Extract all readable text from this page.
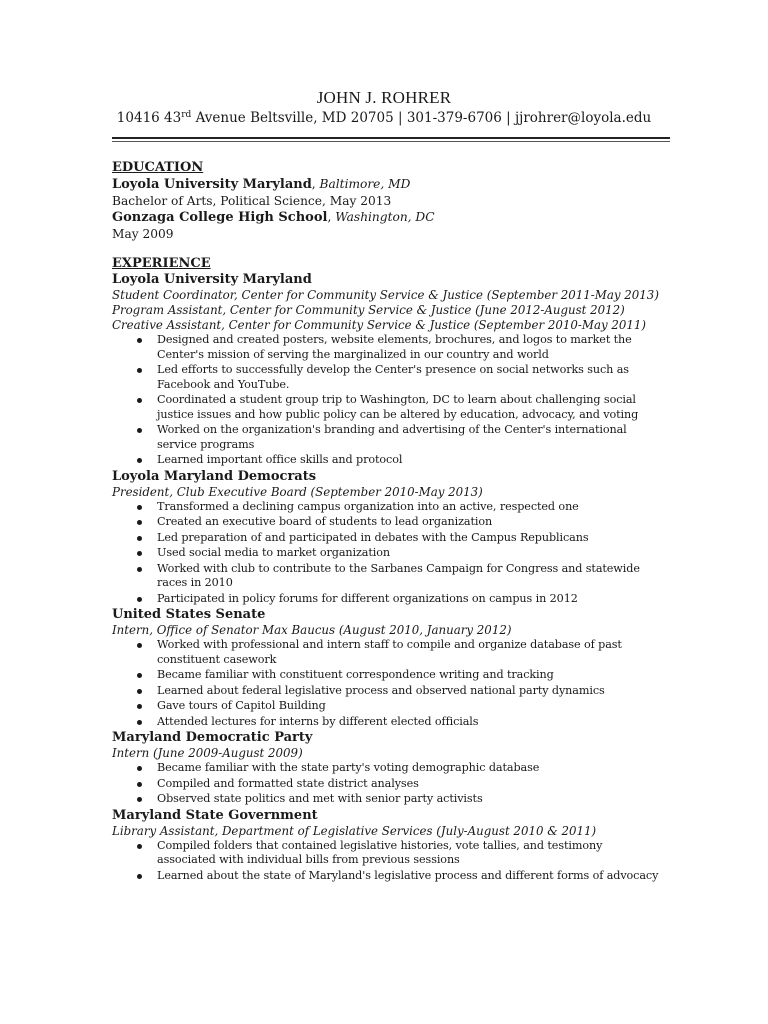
JOHN J. ROHRER
10416 43rd Avenue Beltsville, MD 20705 | 301-379-6706 | jjrohrer@loyola.edu
EDUCATION
Loyola University Maryland, Baltimore, MD
Bachelor of Arts, Political Science, May 2013
Gonzaga College High School, Washington, DC
May 2009
EXPERIENCE
Loyola University Maryland
Student Coordinator, Center for Community Service & Justice (September 2011-May 2013)
Program Assistant, Center for Community Service & Justice (June 2012-August 2012)
Creative Assistant, Center for Community Service & Justice (September 2010-May 2011)
Designed and created posters, website elements, brochures, and logos to market the
Center's mission of serving the marginalized in our country and world
Led efforts to successfully develop the Center's presence on social networks such as
Facebook and YouTube.
Coordinated a student group trip to Washington, DC to learn about challenging social
justice issues and how public policy can be altered by education, advocacy, and voting
Worked on the organization's branding and advertising of the Center's international
service programs
Learned important office skills and protocol
Loyola Maryland Democrats
President, Club Executive Board (September 2010-May 2013)
Transformed a declining campus organization into an active, respected one
Created an executive board of students to lead organization
Led preparation of and participated in debates with the Campus Republicans
Used social media to market organization
Worked with club to contribute to the Sarbanes Campaign for Congress and statewide
races in 2010
Participated in policy forums for different organizations on campus in 2012
United States Senate
Intern, Office of Senator Max Baucus (August 2010, January 2012)
Worked with professional and intern staff to compile and organize database of past
constituent casework
Became familiar with constituent correspondence writing and tracking
Learned about federal legislative process and observed national party dynamics
Gave tours of Capitol Building
Attended lectures for interns by different elected officials
Maryland Democratic Party
Intern (June 2009-August 2009)
Became familiar with the state party's voting demographic database
Compiled and formatted state district analyses
Observed state politics and met with senior party activists
Maryland State Government
Library Assistant, Department of Legislative Services (July-August 2010 & 2011)
Compiled folders that contained legislative histories, vote tallies, and testimony
associated with individual bills from previous sessions
Learned about the state of Maryland's legislative process and different forms of advocacy
